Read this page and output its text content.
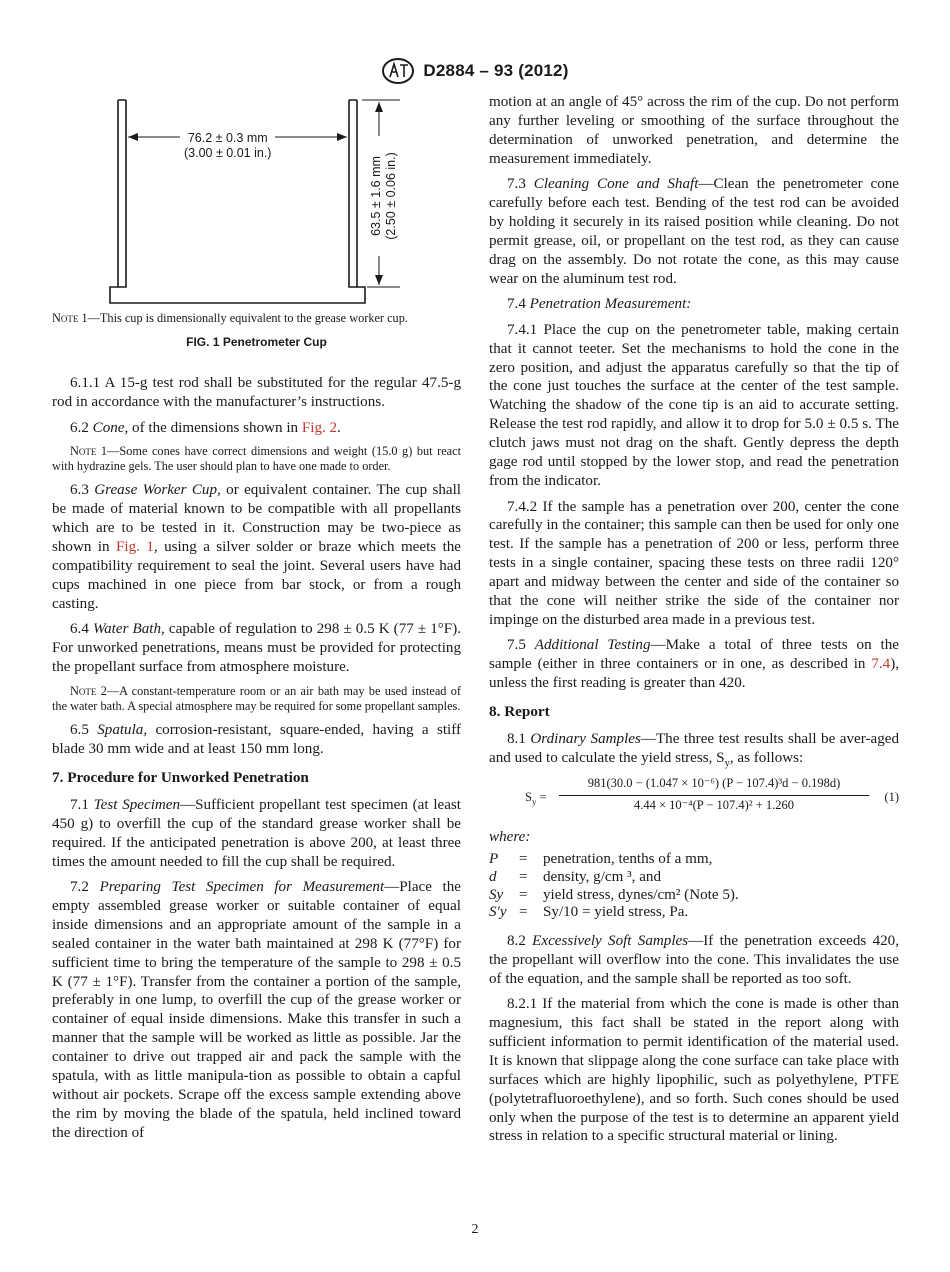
D2884 – 93 (2012)
76.2 ± 0.3 mm
(3.00 ± 0.01 in.)
63.5 ± 1.6 mm (2.50 ± 0.06 in.)
Note 1—This cup is dimensionally equivalent to the grease worker cup.
FIG. 1 Penetrometer Cup

6.1.1 A 15-g test rod shall be substituted for the regular 47.5-g rod in accordance with the manufacturer’s instructions.

6.2 Cone, of the dimensions shown in Fig. 2.

Note 1—Some cones have correct dimensions and weight (15.0 g) but react with hydrazine gels. The user should plan to have one made to order.

6.3 Grease Worker Cup, or equivalent container. The cup shall be made of material known to be compatible with all propellants which are to be tested in it. Construction may be two-piece as shown in Fig. 1, using a silver solder or braze which meets the compatibility requirement to seal the joint. Several users have had cups machined in one piece from bar stock, or from a rough casting.

6.4 Water Bath, capable of regulation to 298 ± 0.5 K (77 ± 1°F). For unworked penetrations, means must be provided for protecting the propellant surface from atmosphere moisture.

Note 2—A constant-temperature room or an air bath may be used instead of the water bath. A special atmosphere may be required for some propellant samples.

6.5 Spatula, corrosion-resistant, square-ended, having a stiff blade 30 mm wide and at least 150 mm long.

7. Procedure for Unworked Penetration

7.1 Test Specimen—Sufficient propellant test specimen (at least 450 g) to overfill the cup of the standard grease worker shall be required. If the anticipated penetration is above 200, at least three times the amount needed to fill the cup shall be required.

7.2 Preparing Test Specimen for Measurement—Place the empty assembled grease worker or suitable container of equal inside dimensions and an appropriate amount of the sample in a sealed container in the water bath maintained at 298 K (77°F) for sufficient time to bring the temperature of the sample to 298 ± 0.5 K (77 ± 1°F). Transfer from the container a portion of the sample, preferably in one lump, to overfill the cup of the grease worker or container of equal inside dimensions. Make this transfer in such a manner that the sample will be worked as little as possible. Jar the container to drive out trapped air and pack the sample with the spatula, with as little manipula-tion as possible to obtain a capful without air pockets. Scrape off the excess sample extending above the rim by moving the blade of the spatula, held inclined toward the direction of

motion at an angle of 45° across the rim of the cup. Do not perform any further leveling or smoothing of the surface throughout the determination of unworked penetration, and determine the measurement immediately.

7.3 Cleaning Cone and Shaft—Clean the penetrometer cone carefully before each test. Bending of the test rod can be avoided by holding it securely in its raised position while cleaning. Do not permit grease, oil, or propellant on the test rod, as they can cause drag on the assembly. Do not rotate the cone, as this may cause wear on the aluminum test rod.

7.4 Penetration Measurement:

7.4.1 Place the cup on the penetrometer table, making certain that it cannot teeter. Set the mechanisms to hold the cone in the zero position, and adjust the apparatus carefully so that the tip of the cone just touches the surface at the center of the test sample. Watching the shadow of the cone tip is an aid to accurate setting. Release the test rod rapidly, and allow it to drop for 5.0 ± 0.5 s. The clutch jaws must not drag on the shaft. Gently depress the depth gage rod until stopped by the lower stop, and read the penetration from the indicator.

7.4.2 If the sample has a penetration over 200, center the cone carefully in the container; this sample can then be used for only one test. If the sample has a penetration of 200 or less, perform three tests in a single container, spacing these tests on three radii 120° apart and midway between the center and side of the container so that the cone will neither strike the side of the container nor impinge on the disturbed area made in a previous test.

7.5 Additional Testing—Make a total of three tests on the sample (either in three containers or in one, as described in 7.4), unless the first reading is greater than 420.

8. Report

8.1 Ordinary Samples—The three test results shall be aver-aged and used to calculate the yield stress, $S_y$, as follows:

$S_y = \frac{\text{981(30.0 − (1.047 × 10⁻⁶) (P − 107.4)³d − 0.198d)}}{\text{4.44 × 10⁻⁴(P − 107.4)² + 1.260}} (1)$
where:
P	=	penetration, tenths of a mm,
d	=	density, g/cm ³, and
Sy	=	yield stress, dynes/cm² (Note 5).
S′y	=	Sy/10 = yield stress, Pa.

8.2 Excessively Soft Samples—If the penetration exceeds 420, the propellant will overflow into the cone. This invalidates the use of the equation, and the sample shall be reported as too soft.

8.2.1 If the material from which the cone is made is other than magnesium, this fact shall be stated in the report along with sufficient information to permit identification of the material used. It is known that slippage along the cone surface can take place with surfaces which are highly lipophilic, such as polyethylene, PTFE (polytetrafluoroethylene), and so forth. Such cones should be used only when the purpose of the test is to determine an apparent yield stress in relation to a specific structural material or lining.

2
